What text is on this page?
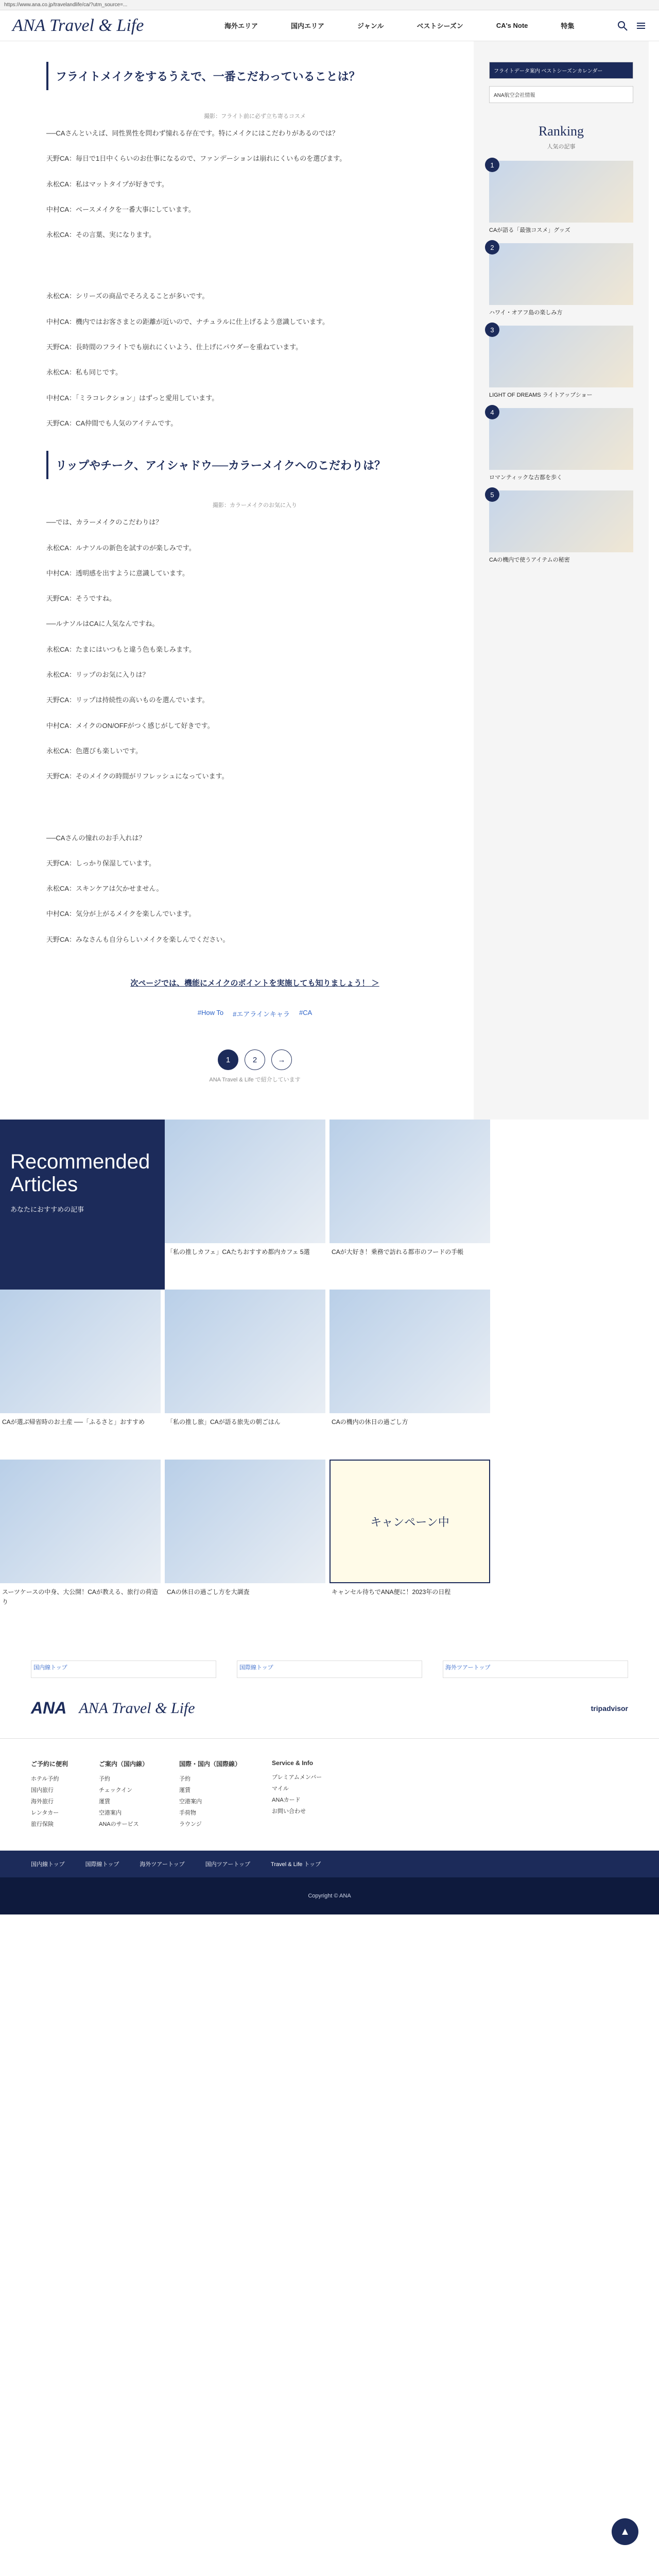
https://www.ana.co.jp/travelandlife/ca/?utm_source=...
ANA Travel & Life	海外エリア	国内エリア	ジャンル	ベストシーズン	CA's Note	特集
フライトメイクをするうえで、一番こだわっていることは？
撮影：フライト前に必ず立ち寄るコスメ

──CAさんといえば、同性異性を問わず憧れる存在です。特にメイクにはこだわりがあるのでは？

天野CA：毎日で1日中くらいのお仕事になるので、ファンデーションは崩れにくいものを選びます。

永松CA：私はマットタイプが好きです。

中村CA：ベースメイクを一番大事にしています。

永松CA：その言葉、実になります。

永松CA：シリーズの商品でそろえることが多いです。

中村CA：機内ではお客さまとの距離が近いので、ナチュラルに仕上げるよう意識しています。

天野CA：長時間のフライトでも崩れにくいよう、仕上げにパウダーを重ねています。

永松CA：私も同じです。

中村CA：「ミラコレクション」はずっと愛用しています。

天野CA：CA仲間でも人気のアイテムです。

リップやチーク、アイシャドウ──カラーメイクへのこだわりは？
撮影：カラーメイクのお気に入り

──では、カラーメイクのこだわりは？

永松CA：ルナソルの新色を試すのが楽しみです。

中村CA：透明感を出すように意識しています。

天野CA：そうですね。

──ルナソルはCAに人気なんですね。

永松CA：たまにはいつもと違う色も楽しみます。

永松CA：リップのお気に入りは？

天野CA：リップは持続性の高いものを選んでいます。

中村CA：メイクのON/OFFがつく感じがして好きです。

永松CA：色選びも楽しいです。

天野CA：そのメイクの時間がリフレッシュになっています。

──CAさんの憧れのお手入れは？

天野CA：しっかり保湿しています。

永松CA：スキンケアは欠かせません。

中村CA：気分が上がるメイクを楽しんでいます。

天野CA：みなさんも自分らしいメイクを楽しんでください。

次ページでは、機能にメイクのポイントを実施しても知りましょう！ ＞
#How To #エアラインキャラ #CA
1	2	→
ANA Travel & Life で紹介しています
フライトデータ案内 ベストシーズンカレンダー
ANA航空会社情報
Ranking
人気の記事
1
CAが語る「最強コスメ」グッズ
2
ハワイ・オアフ島の楽しみ方
3
LIGHT OF DREAMS ライトアップショー
4
ロマンティックな古都を歩く
5
CAの機内で使うアイテムの秘密
Recommended Articles

あなたにおすすめの記事

「私の推しカフェ」CAたちおすすめ都内カフェ 5選	CAが大好き！乗務で訪れる都市のフードの手帳
CAが選ぶ帰省時のお土産 ──「ふるさと」おすすめ	「私の推し旅」CAが語る旅先の朝ごはん	CAの機内の休日の過ごし方
スーツケースの中身、大公開！CAが教える、旅行の荷造り
CAの休日の過ごし方を大調査
キャンペーン中
キャンセル待ちでANA便に！2023年の日程
国内線トップ	国際線トップ	海外ツアートップ
ANA ANA Travel & Life	tripadvisor
ご予約に便利
ホテル予約
国内旅行
海外旅行
レンタカー
旅行保険
ご案内（国内線）
予約
チェックイン
運賃
空港案内
ANAのサービス
国際・国内（国際線）
予約
運賃
空港案内
手荷物
ラウンジ
Service & Info
プレミアムメンバー
マイル
ANAカード
お問い合わせ
国内線トップ	国際線トップ	海外ツアートップ	国内ツアートップ	Travel & Life トップ
Copyright © ANA
▲
